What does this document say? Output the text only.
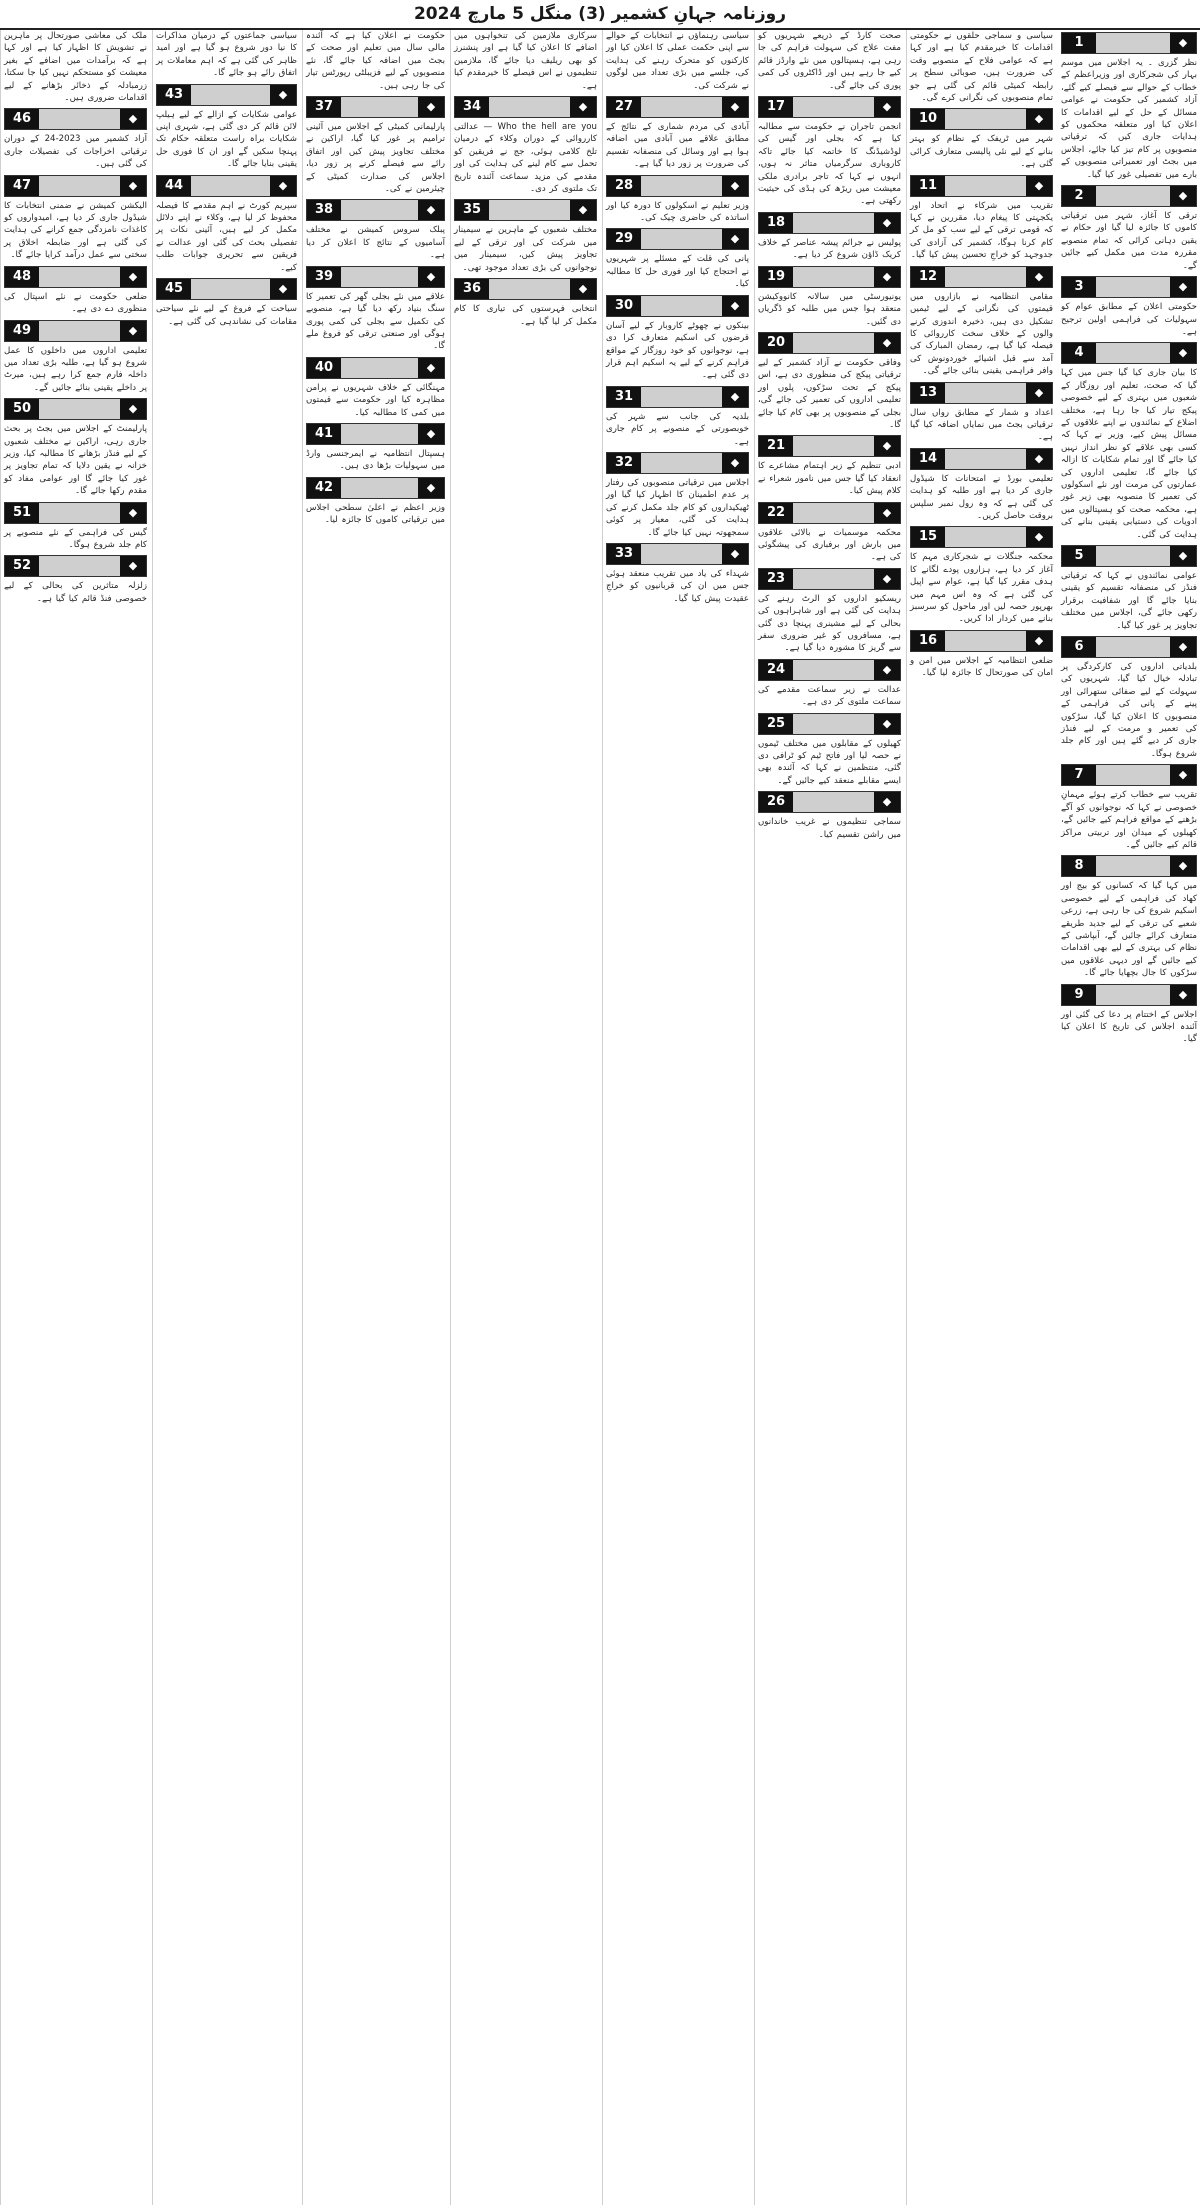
روزنامہ جہانِ کشمیر (3) منگل 5 مارچ 2024
1	◆
نظر گزری ۔ یہ اجلاس میں موسم بہار کی شجرکاری اور وزیراعظم کے خطاب کے حوالے سے فیصلے کیے گئے، آزاد کشمیر کی حکومت نے عوامی مسائل کے حل کے لیے اقدامات کا اعلان کیا اور متعلقہ محکموں کو ہدایات جاری کیں کہ ترقیاتی منصوبوں پر کام تیز کیا جائے، اجلاس میں بجٹ اور تعمیراتی منصوبوں کے بارے میں تفصیلی غور کیا گیا۔
2	◆
ترقی کا آغاز، شہر میں ترقیاتی کاموں کا جائزہ لیا گیا اور حکام نے یقین دہانی کرائی کہ تمام منصوبے مقررہ مدت میں مکمل کیے جائیں گے۔
3	◆
حکومتی اعلان کے مطابق عوام کو سہولیات کی فراہمی اولین ترجیح ہے۔
4	◆
کا بیان جاری کیا گیا جس میں کہا گیا کہ صحت، تعلیم اور روزگار کے شعبوں میں بہتری کے لیے خصوصی پیکج تیار کیا جا رہا ہے، مختلف اضلاع کے نمائندوں نے اپنے علاقوں کے مسائل پیش کیے، وزیر نے کہا کہ کسی بھی علاقے کو نظر انداز نہیں کیا جائے گا اور تمام شکایات کا ازالہ کیا جائے گا، تعلیمی اداروں کی عمارتوں کی مرمت اور نئے اسکولوں کی تعمیر کا منصوبہ بھی زیر غور ہے، محکمہ صحت کو ہسپتالوں میں ادویات کی دستیابی یقینی بنانے کی ہدایت کی گئی۔
5	◆
عوامی نمائندوں نے کہا کہ ترقیاتی فنڈز کی منصفانہ تقسیم کو یقینی بنایا جائے گا اور شفافیت برقرار رکھی جائے گی، اجلاس میں مختلف تجاویز پر غور کیا گیا۔
6	◆
بلدیاتی اداروں کی کارکردگی پر تبادلہ خیال کیا گیا، شہریوں کی سہولت کے لیے صفائی ستھرائی اور پینے کے پانی کی فراہمی کے منصوبوں کا اعلان کیا گیا، سڑکوں کی تعمیر و مرمت کے لیے فنڈز جاری کر دیے گئے ہیں اور کام جلد شروع ہوگا۔
7	◆
تقریب سے خطاب کرتے ہوئے مہمانِ خصوصی نے کہا کہ نوجوانوں کو آگے بڑھنے کے مواقع فراہم کیے جائیں گے، کھیلوں کے میدان اور تربیتی مراکز قائم کیے جائیں گے۔
8	◆
میں کہا گیا کہ کسانوں کو بیج اور کھاد کی فراہمی کے لیے خصوصی اسکیم شروع کی جا رہی ہے، زرعی شعبے کی ترقی کے لیے جدید طریقے متعارف کرائے جائیں گے، آبپاشی کے نظام کی بہتری کے لیے بھی اقدامات کیے جائیں گے اور دیہی علاقوں میں سڑکوں کا جال بچھایا جائے گا۔
9	◆
اجلاس کے اختتام پر دعا کی گئی اور آئندہ اجلاس کی تاریخ کا اعلان کیا گیا۔
سیاسی و سماجی حلقوں نے حکومتی اقدامات کا خیرمقدم کیا ہے اور کہا ہے کہ عوامی فلاح کے منصوبے وقت کی ضرورت ہیں، صوبائی سطح پر رابطہ کمیٹی قائم کی گئی ہے جو تمام منصوبوں کی نگرانی کرے گی۔
10	◆
شہر میں ٹریفک کے نظام کو بہتر بنانے کے لیے نئی پالیسی متعارف کرائی گئی ہے۔
11	◆
تقریب میں شرکاء نے اتحاد اور یکجہتی کا پیغام دیا، مقررین نے کہا کہ قومی ترقی کے لیے سب کو مل کر کام کرنا ہوگا، کشمیر کی آزادی کی جدوجہد کو خراجِ تحسین پیش کیا گیا۔
12	◆
مقامی انتظامیہ نے بازاروں میں قیمتوں کی نگرانی کے لیے ٹیمیں تشکیل دی ہیں، ذخیرہ اندوزی کرنے والوں کے خلاف سخت کارروائی کا فیصلہ کیا گیا ہے، رمضان المبارک کی آمد سے قبل اشیائے خوردونوش کی وافر فراہمی یقینی بنائی جائے گی۔
13	◆
اعداد و شمار کے مطابق رواں سال ترقیاتی بجٹ میں نمایاں اضافہ کیا گیا ہے۔
14	◆
تعلیمی بورڈ نے امتحانات کا شیڈول جاری کر دیا ہے اور طلبہ کو ہدایت کی گئی ہے کہ وہ رول نمبر سلپس بروقت حاصل کریں۔
15	◆
محکمہ جنگلات نے شجرکاری مہم کا آغاز کر دیا ہے، ہزاروں پودے لگانے کا ہدف مقرر کیا گیا ہے، عوام سے اپیل کی گئی ہے کہ وہ اس مہم میں بھرپور حصہ لیں اور ماحول کو سرسبز بنانے میں کردار ادا کریں۔
16	◆
ضلعی انتظامیہ کے اجلاس میں امن و امان کی صورتحال کا جائزہ لیا گیا۔
صحت کارڈ کے ذریعے شہریوں کو مفت علاج کی سہولت فراہم کی جا رہی ہے، ہسپتالوں میں نئے وارڈز قائم کیے جا رہے ہیں اور ڈاکٹروں کی کمی پوری کی جائے گی۔
17	◆
انجمن تاجران نے حکومت سے مطالبہ کیا ہے کہ بجلی اور گیس کی لوڈشیڈنگ کا خاتمہ کیا جائے تاکہ کاروباری سرگرمیاں متاثر نہ ہوں، انہوں نے کہا کہ تاجر برادری ملکی معیشت میں ریڑھ کی ہڈی کی حیثیت رکھتی ہے۔
18	◆
پولیس نے جرائم پیشہ عناصر کے خلاف کریک ڈاؤن شروع کر دیا ہے۔
19	◆
یونیورسٹی میں سالانہ کانووکیشن منعقد ہوا جس میں طلبہ کو ڈگریاں دی گئیں۔
20	◆
وفاقی حکومت نے آزاد کشمیر کے لیے ترقیاتی پیکج کی منظوری دی ہے، اس پیکج کے تحت سڑکوں، پلوں اور تعلیمی اداروں کی تعمیر کی جائے گی، بجلی کے منصوبوں پر بھی کام کیا جائے گا۔
21	◆
ادبی تنظیم کے زیر اہتمام مشاعرے کا انعقاد کیا گیا جس میں نامور شعراء نے کلام پیش کیا۔
22	◆
محکمہ موسمیات نے بالائی علاقوں میں بارش اور برفباری کی پیشگوئی کی ہے۔
23	◆
ریسکیو اداروں کو الرٹ رہنے کی ہدایت کی گئی ہے اور شاہراہوں کی بحالی کے لیے مشینری پہنچا دی گئی ہے، مسافروں کو غیر ضروری سفر سے گریز کا مشورہ دیا گیا ہے۔
24	◆
عدالت نے زیر سماعت مقدمے کی سماعت ملتوی کر دی ہے۔
25	◆
کھیلوں کے مقابلوں میں مختلف ٹیموں نے حصہ لیا اور فاتح ٹیم کو ٹرافی دی گئی، منتظمین نے کہا کہ آئندہ بھی ایسے مقابلے منعقد کیے جائیں گے۔
26	◆
سماجی تنظیموں نے غریب خاندانوں میں راشن تقسیم کیا۔
سیاسی رہنماؤں نے انتخابات کے حوالے سے اپنی حکمت عملی کا اعلان کیا اور کارکنوں کو متحرک رہنے کی ہدایت کی، جلسے میں بڑی تعداد میں لوگوں نے شرکت کی۔
27	◆
آبادی کی مردم شماری کے نتائج کے مطابق علاقے میں آبادی میں اضافہ ہوا ہے اور وسائل کی منصفانہ تقسیم کی ضرورت پر زور دیا گیا ہے۔
28	◆
وزیر تعلیم نے اسکولوں کا دورہ کیا اور اساتذہ کی حاضری چیک کی۔
29	◆
پانی کی قلت کے مسئلے پر شہریوں نے احتجاج کیا اور فوری حل کا مطالبہ کیا۔
30	◆
بینکوں نے چھوٹے کاروبار کے لیے آسان قرضوں کی اسکیم متعارف کرا دی ہے، نوجوانوں کو خود روزگار کے مواقع فراہم کرنے کے لیے یہ اسکیم اہم قرار دی گئی ہے۔
31	◆
بلدیہ کی جانب سے شہر کی خوبصورتی کے منصوبے پر کام جاری ہے۔
32	◆
اجلاس میں ترقیاتی منصوبوں کی رفتار پر عدم اطمینان کا اظہار کیا گیا اور ٹھیکیداروں کو کام جلد مکمل کرنے کی ہدایت کی گئی، معیار پر کوئی سمجھوتہ نہیں کیا جائے گا۔
33	◆
شہداء کی یاد میں تقریب منعقد ہوئی جس میں ان کی قربانیوں کو خراجِ عقیدت پیش کیا گیا۔
سرکاری ملازمین کی تنخواہوں میں اضافے کا اعلان کیا گیا ہے اور پنشنرز کو بھی ریلیف دیا جائے گا، ملازمین تنظیموں نے اس فیصلے کا خیرمقدم کیا ہے۔
34	◆
Who the hell are you — عدالتی کارروائی کے دوران وکلاء کے درمیان تلخ کلامی ہوئی، جج نے فریقین کو تحمل سے کام لینے کی ہدایت کی اور مقدمے کی مزید سماعت آئندہ تاریخ تک ملتوی کر دی۔
35	◆
مختلف شعبوں کے ماہرین نے سیمینار میں شرکت کی اور ترقی کے لیے تجاویز پیش کیں، سیمینار میں نوجوانوں کی بڑی تعداد موجود تھی۔
36	◆
انتخابی فہرستوں کی تیاری کا کام مکمل کر لیا گیا ہے۔
حکومت نے اعلان کیا ہے کہ آئندہ مالی سال میں تعلیم اور صحت کے بجٹ میں اضافہ کیا جائے گا، نئے منصوبوں کے لیے فزیبلٹی رپورٹس تیار کی جا رہی ہیں۔
37	◆
پارلیمانی کمیٹی کے اجلاس میں آئینی ترامیم پر غور کیا گیا، اراکین نے مختلف تجاویز پیش کیں اور اتفاق رائے سے فیصلے کرنے پر زور دیا، اجلاس کی صدارت کمیٹی کے چیئرمین نے کی۔
38	◆
پبلک سروس کمیشن نے مختلف آسامیوں کے نتائج کا اعلان کر دیا ہے۔
39	◆
علاقے میں نئے بجلی گھر کی تعمیر کا سنگ بنیاد رکھ دیا گیا ہے، منصوبے کی تکمیل سے بجلی کی کمی پوری ہوگی اور صنعتی ترقی کو فروغ ملے گا۔
40	◆
مہنگائی کے خلاف شہریوں نے پرامن مظاہرہ کیا اور حکومت سے قیمتوں میں کمی کا مطالبہ کیا۔
41	◆
ہسپتال انتظامیہ نے ایمرجنسی وارڈ میں سہولیات بڑھا دی ہیں۔
42	◆
وزیر اعظم نے اعلیٰ سطحی اجلاس میں ترقیاتی کاموں کا جائزہ لیا۔
سیاسی جماعتوں کے درمیان مذاکرات کا نیا دور شروع ہو گیا ہے اور امید ظاہر کی گئی ہے کہ اہم معاملات پر اتفاق رائے ہو جائے گا۔
43	◆
عوامی شکایات کے ازالے کے لیے ہیلپ لائن قائم کر دی گئی ہے، شہری اپنی شکایات براہ راست متعلقہ حکام تک پہنچا سکیں گے اور ان کا فوری حل یقینی بنایا جائے گا۔
44	◆
سپریم کورٹ نے اہم مقدمے کا فیصلہ محفوظ کر لیا ہے، وکلاء نے اپنے دلائل مکمل کر لیے ہیں، آئینی نکات پر تفصیلی بحث کی گئی اور عدالت نے فریقین سے تحریری جوابات طلب کیے۔
45	◆
سیاحت کے فروغ کے لیے نئے سیاحتی مقامات کی نشاندہی کی گئی ہے۔
ملک کی معاشی صورتحال پر ماہرین نے تشویش کا اظہار کیا ہے اور کہا ہے کہ برآمدات میں اضافے کے بغیر معیشت کو مستحکم نہیں کیا جا سکتا، زرمبادلہ کے ذخائر بڑھانے کے لیے اقدامات ضروری ہیں۔
46	◆
آزاد کشمیر میں 2023-24 کے دوران ترقیاتی اخراجات کی تفصیلات جاری کی گئی ہیں۔
47	◆
الیکشن کمیشن نے ضمنی انتخابات کا شیڈول جاری کر دیا ہے، امیدواروں کو کاغذات نامزدگی جمع کرانے کی ہدایت کی گئی ہے اور ضابطہ اخلاق پر سختی سے عمل درآمد کرایا جائے گا۔
48	◆
ضلعی حکومت نے نئے اسپتال کی منظوری دے دی ہے۔
49	◆
تعلیمی اداروں میں داخلوں کا عمل شروع ہو گیا ہے، طلبہ بڑی تعداد میں داخلہ فارم جمع کرا رہے ہیں، میرٹ پر داخلے یقینی بنائے جائیں گے۔
50	◆
پارلیمنٹ کے اجلاس میں بجٹ پر بحث جاری رہی، اراکین نے مختلف شعبوں کے لیے فنڈز بڑھانے کا مطالبہ کیا، وزیر خزانہ نے یقین دلایا کہ تمام تجاویز پر غور کیا جائے گا اور عوامی مفاد کو مقدم رکھا جائے گا۔
51	◆
گیس کی فراہمی کے نئے منصوبے پر کام جلد شروع ہوگا۔
52	◆
زلزلہ متاثرین کی بحالی کے لیے خصوصی فنڈ قائم کیا گیا ہے۔
